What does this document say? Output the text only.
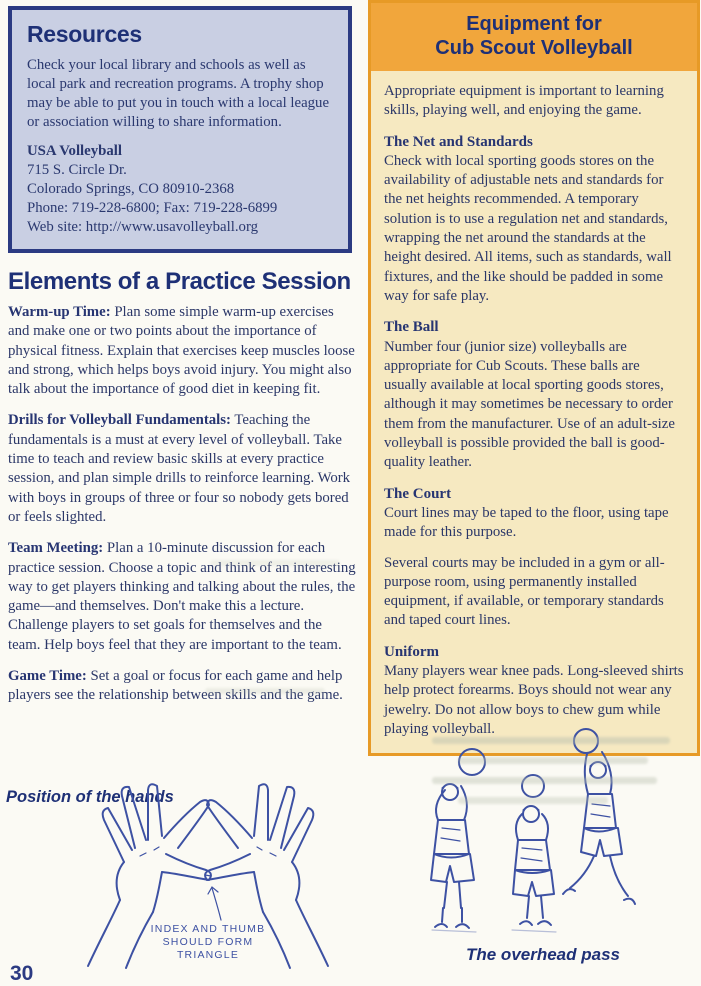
Resources

Check your local library and schools as well as local park and recreation programs. A trophy shop may be able to put you in touch with a local league or association willing to share information.

USA Volleyball
715 S. Circle Dr.
Colorado Springs, CO 80910-2368
Phone: 719-228-6800; Fax: 719-228-6899
Web site: http://www.usavolleyball.org
Elements of a Practice Session

Warm-up Time: Plan some simple warm-up exercises and make one or two points about the importance of physical fitness. Explain that exercises keep muscles loose and strong, which helps boys avoid injury. You might also talk about the importance of good diet in keeping fit.

Drills for Volleyball Fundamentals: Teaching the fundamentals is a must at every level of volleyball. Take time to teach and review basic skills at every practice session, and plan simple drills to reinforce learning. Work with boys in groups of three or four so nobody gets bored or feels slighted.

Team Meeting: Plan a 10-minute discussion for each practice session. Choose a topic and think of an interesting way to get players thinking and talking about the rules, the game—and themselves. Don't make this a lecture. Challenge players to set goals for themselves and the team. Help boys feel that they are important to the team.

Game Time: Set a goal or focus for each game and help players see the relationship between skills and the game.

Equipment for
Cub Scout Volleyball

Appropriate equipment is important to learning skills, playing well, and enjoying the game.

The Net and Standards

Check with local sporting goods stores on the availability of adjustable nets and standards for the net heights recommended. A temporary solution is to use a regulation net and standards, wrapping the net around the standards at the height desired. All items, such as standards, wall fixtures, and the like should be padded in some way for safe play.

The Ball

Number four (junior size) volleyballs are appropriate for Cub Scouts. These balls are usually available at local sporting goods stores, although it may sometimes be necessary to order them from the manufacturer. Use of an adult-size volleyball is possible provided the ball is good-quality leather.

The Court

Court lines may be taped to the floor, using tape made for this purpose.

Several courts may be included in a gym or all-purpose room, using permanently installed equipment, if available, or temporary standards and taped court lines.

Uniform

Many players wear knee pads. Long-sleeved shirts help protect forearms. Boys should not wear any jewelry. Do not allow boys to chew gum while playing volleyball.

Position of the hands
INDEX AND THUMB
SHOULD FORM
TRIANGLE	The overhead pass
30
